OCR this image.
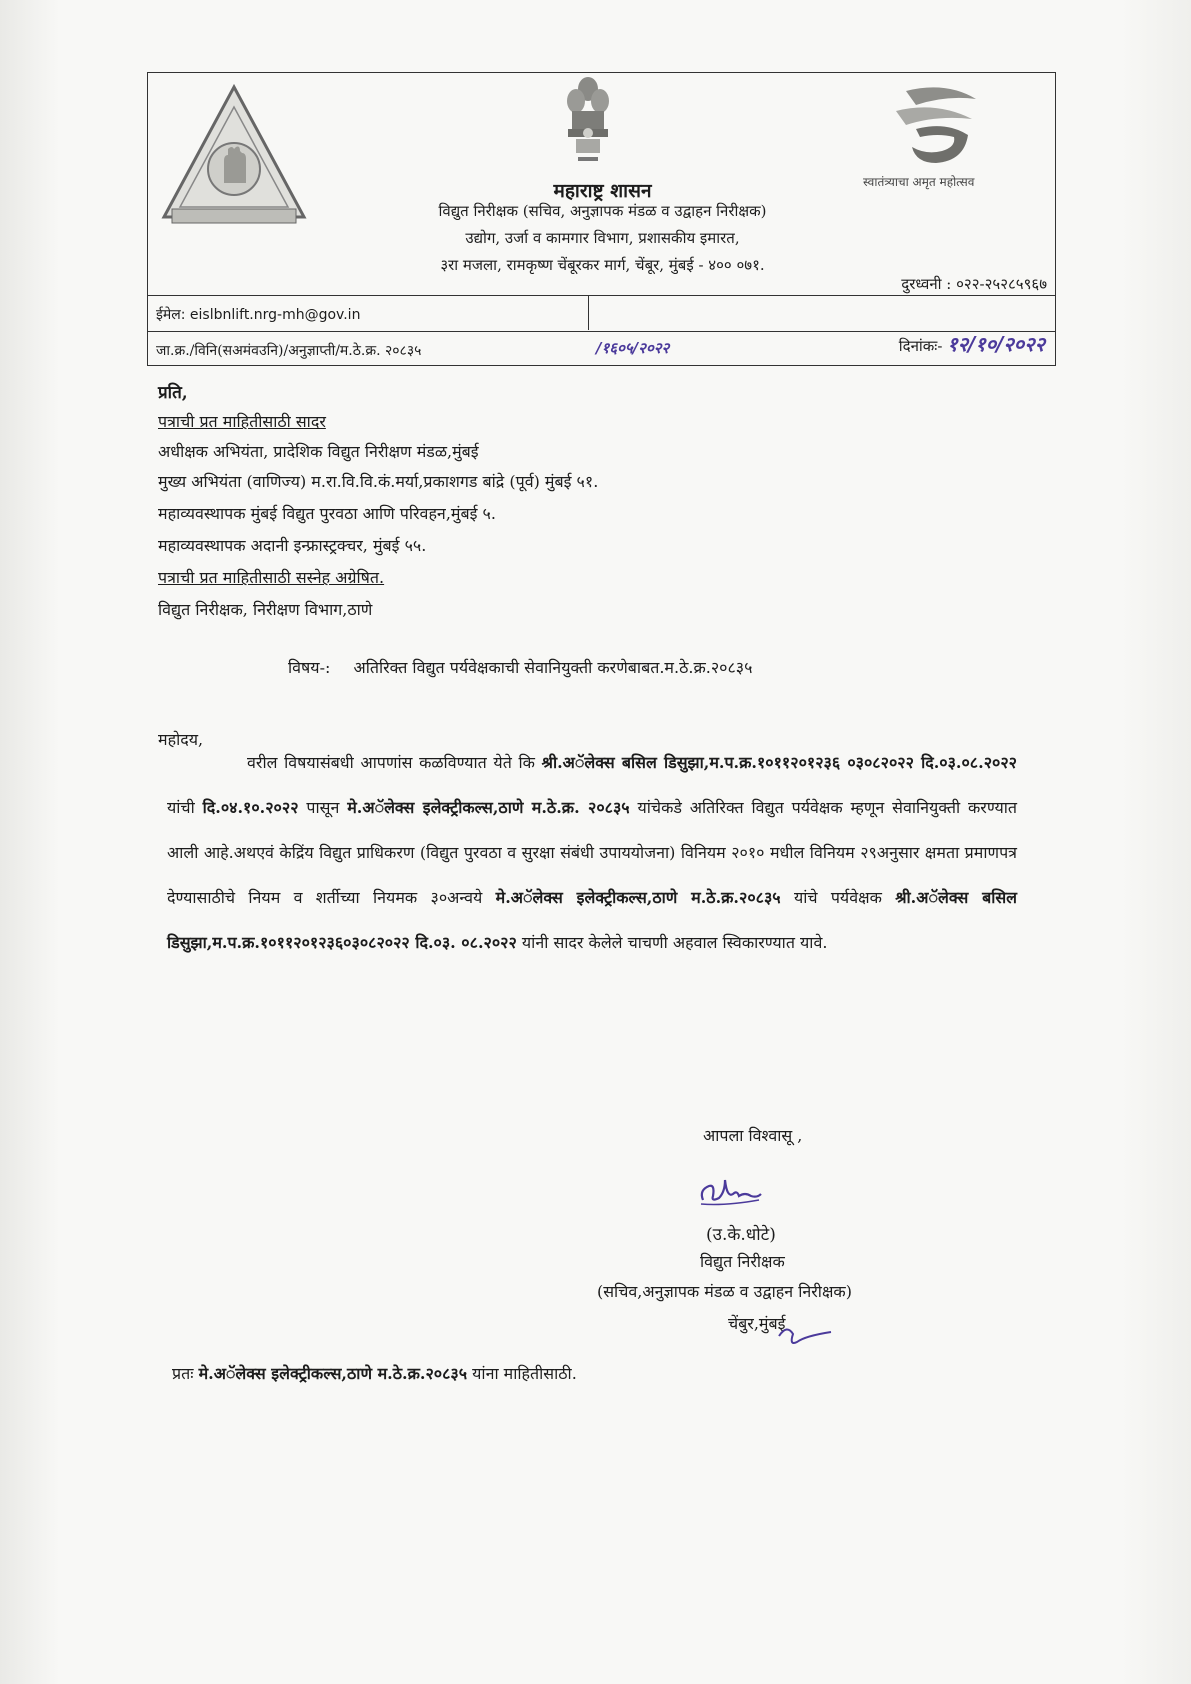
स्वातंत्र्याचा अमृत महोत्सव
महाराष्ट्र शासन
विद्युत निरीक्षक (सचिव, अनुज्ञापक मंडळ व उद्वाहन निरीक्षक)
उद्योग, उर्जा व कामगार विभाग, प्रशासकीय इमारत,
३रा मजला, रामकृष्ण चेंबूरकर मार्ग, चेंबूर, मुंबई - ४०० ०७१.
ईमेल: eislbnlift.nrg-mh@gov.in
दुरध्वनी : ०२२-२५२८५९६७
जा.क्र./विनि(सअमंवउनि)/अनुज्ञाप्ती/म.ठे.क्र. २०८३५	/१६०५/२०२२	दिनांकः- १२/१०/२०२२
प्रति,
पत्राची प्रत माहितीसाठी सादर
अधीक्षक अभियंता, प्रादेशिक विद्युत निरीक्षण मंडळ,मुंबई
मुख्य अभियंता (वाणिज्य) म.रा.वि.वि.कं.मर्या,प्रकाशगड बांद्रे (पूर्व) मुंबई ५१.
महाव्यवस्थापक मुंबई विद्युत पुरवठा आणि परिवहन,मुंबई ५.
महाव्यवस्थापक अदानी इन्फ्रास्ट्रक्चर, मुंबई ५५.
पत्राची प्रत माहितीसाठी सस्नेह अग्रेषित.
विद्युत निरीक्षक, निरीक्षण विभाग,ठाणे
विषय-: अतिरिक्त विद्युत पर्यवेक्षकाची सेवानियुक्ती करणेबाबत.म.ठे.क्र.२०८३५
महोदय,
वरील विषयासंबधी आपणांस कळविण्यात येते कि श्री.अॅलेक्स बसिल डिसुझा,म.प.क्र.१०११२०१२३६ ०३०८२०२२ दि.०३.०८.२०२२ यांची दि.०४.१०.२०२२ पासून मे.अॅलेक्स इलेक्ट्रीकल्स,ठाणे म.ठे.क्र. २०८३५ यांचेकडे अतिरिक्त विद्युत पर्यवेक्षक म्हणून सेवानियुक्ती करण्यात आली आहे.अथएवं केद्रिंय विद्युत प्राधिकरण (विद्युत पुरवठा व सुरक्षा संबंधी उपाययोजना) विनियम २०१० मधील विनियम २९अनुसार क्षमता प्रमाणपत्र देण्यासाठीचे नियम व शर्तीच्या नियमक ३०अन्वये मे.अॅलेक्स इलेक्ट्रीकल्स,ठाणे म.ठे.क्र.२०८३५ यांचे पर्यवेक्षक श्री.अॅलेक्स बसिल डिसुझा,म.प.क्र.१०११२०१२३६०३०८२०२२ दि.०३. ०८.२०२२ यांनी सादर केलेले चाचणी अहवाल स्विकारण्यात यावे.
आपला विश्वासू ,
(उ.के.धोटे)
विद्युत निरीक्षक
(सचिव,अनुज्ञापक मंडळ व उद्वाहन निरीक्षक)
चेंबुर,मुंबई
प्रतः मे.अॅलेक्स इलेक्ट्रीकल्स,ठाणे म.ठे.क्र.२०८३५ यांना माहितीसाठी.
